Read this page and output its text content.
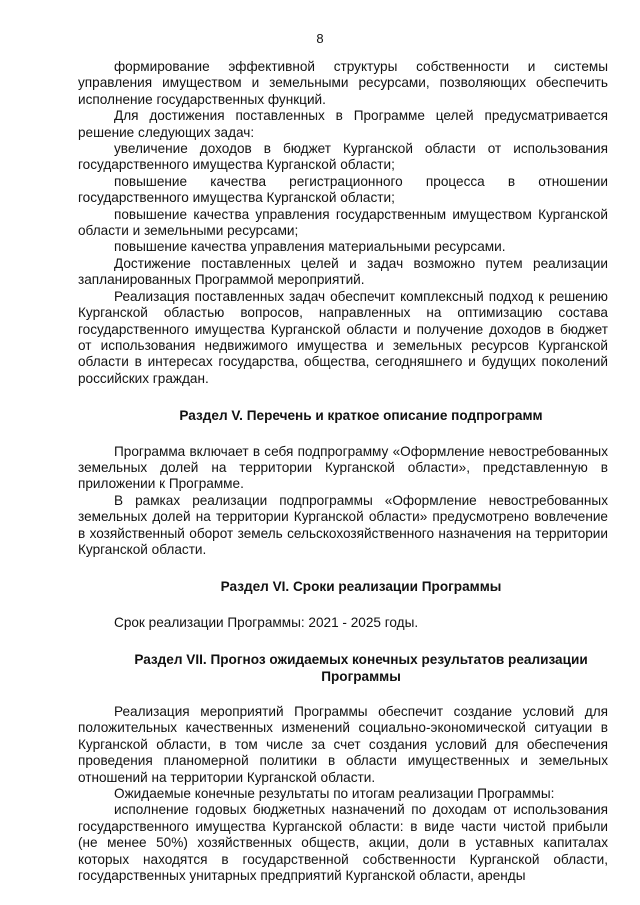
8

формирование эффективной структуры собственности и системы управления имуществом и земельными ресурсами, позволяющих обеспечить исполнение государственных функций.

Для достижения поставленных в Программе целей предусматривается решение следующих задач:

увеличение доходов в бюджет Курганской области от использования государственного имущества Курганской области;

повышение качества регистрационного процесса в отношении государственного имущества Курганской области;

повышение качества управления государственным имуществом Курганской области и земельными ресурсами;

повышение качества управления материальными ресурсами.

Достижение поставленных целей и задач возможно путем реализации запланированных Программой мероприятий.

Реализация поставленных задач обеспечит комплексный подход к решению Курганской областью вопросов, направленных на оптимизацию состава государственного имущества Курганской области и получение доходов в бюджет от использования недвижимого имущества и земельных ресурсов Курганской области в интересах государства, общества, сегодняшнего и будущих поколений российских граждан.

Раздел V. Перечень и краткое описание подпрограмм

Программа включает в себя подпрограмму «Оформление невостребованных земельных долей на территории Курганской области», представленную в приложении к Программе.

В рамках реализации подпрограммы «Оформление невостребованных земельных долей на территории Курганской области» предусмотрено вовлечение в хозяйственный оборот земель сельскохозяйственного назначения на территории Курганской области.

Раздел VI. Сроки реализации Программы

Срок реализации Программы: 2021 - 2025 годы.

Раздел VII. Прогноз ожидаемых конечных результатов реализации Программы

Реализация мероприятий Программы обеспечит создание условий для положительных качественных изменений социально-экономической ситуации в Курганской области, в том числе за счет создания условий для обеспечения проведения планомерной политики в области имущественных и земельных отношений на территории Курганской области.

Ожидаемые конечные результаты по итогам реализации Программы:

исполнение годовых бюджетных назначений по доходам от использования государственного имущества Курганской области: в виде части чистой прибыли (не менее 50%) хозяйственных обществ, акции, доли в уставных капиталах которых находятся в государственной собственности Курганской области, государственных унитарных предприятий Курганской области, аренды
